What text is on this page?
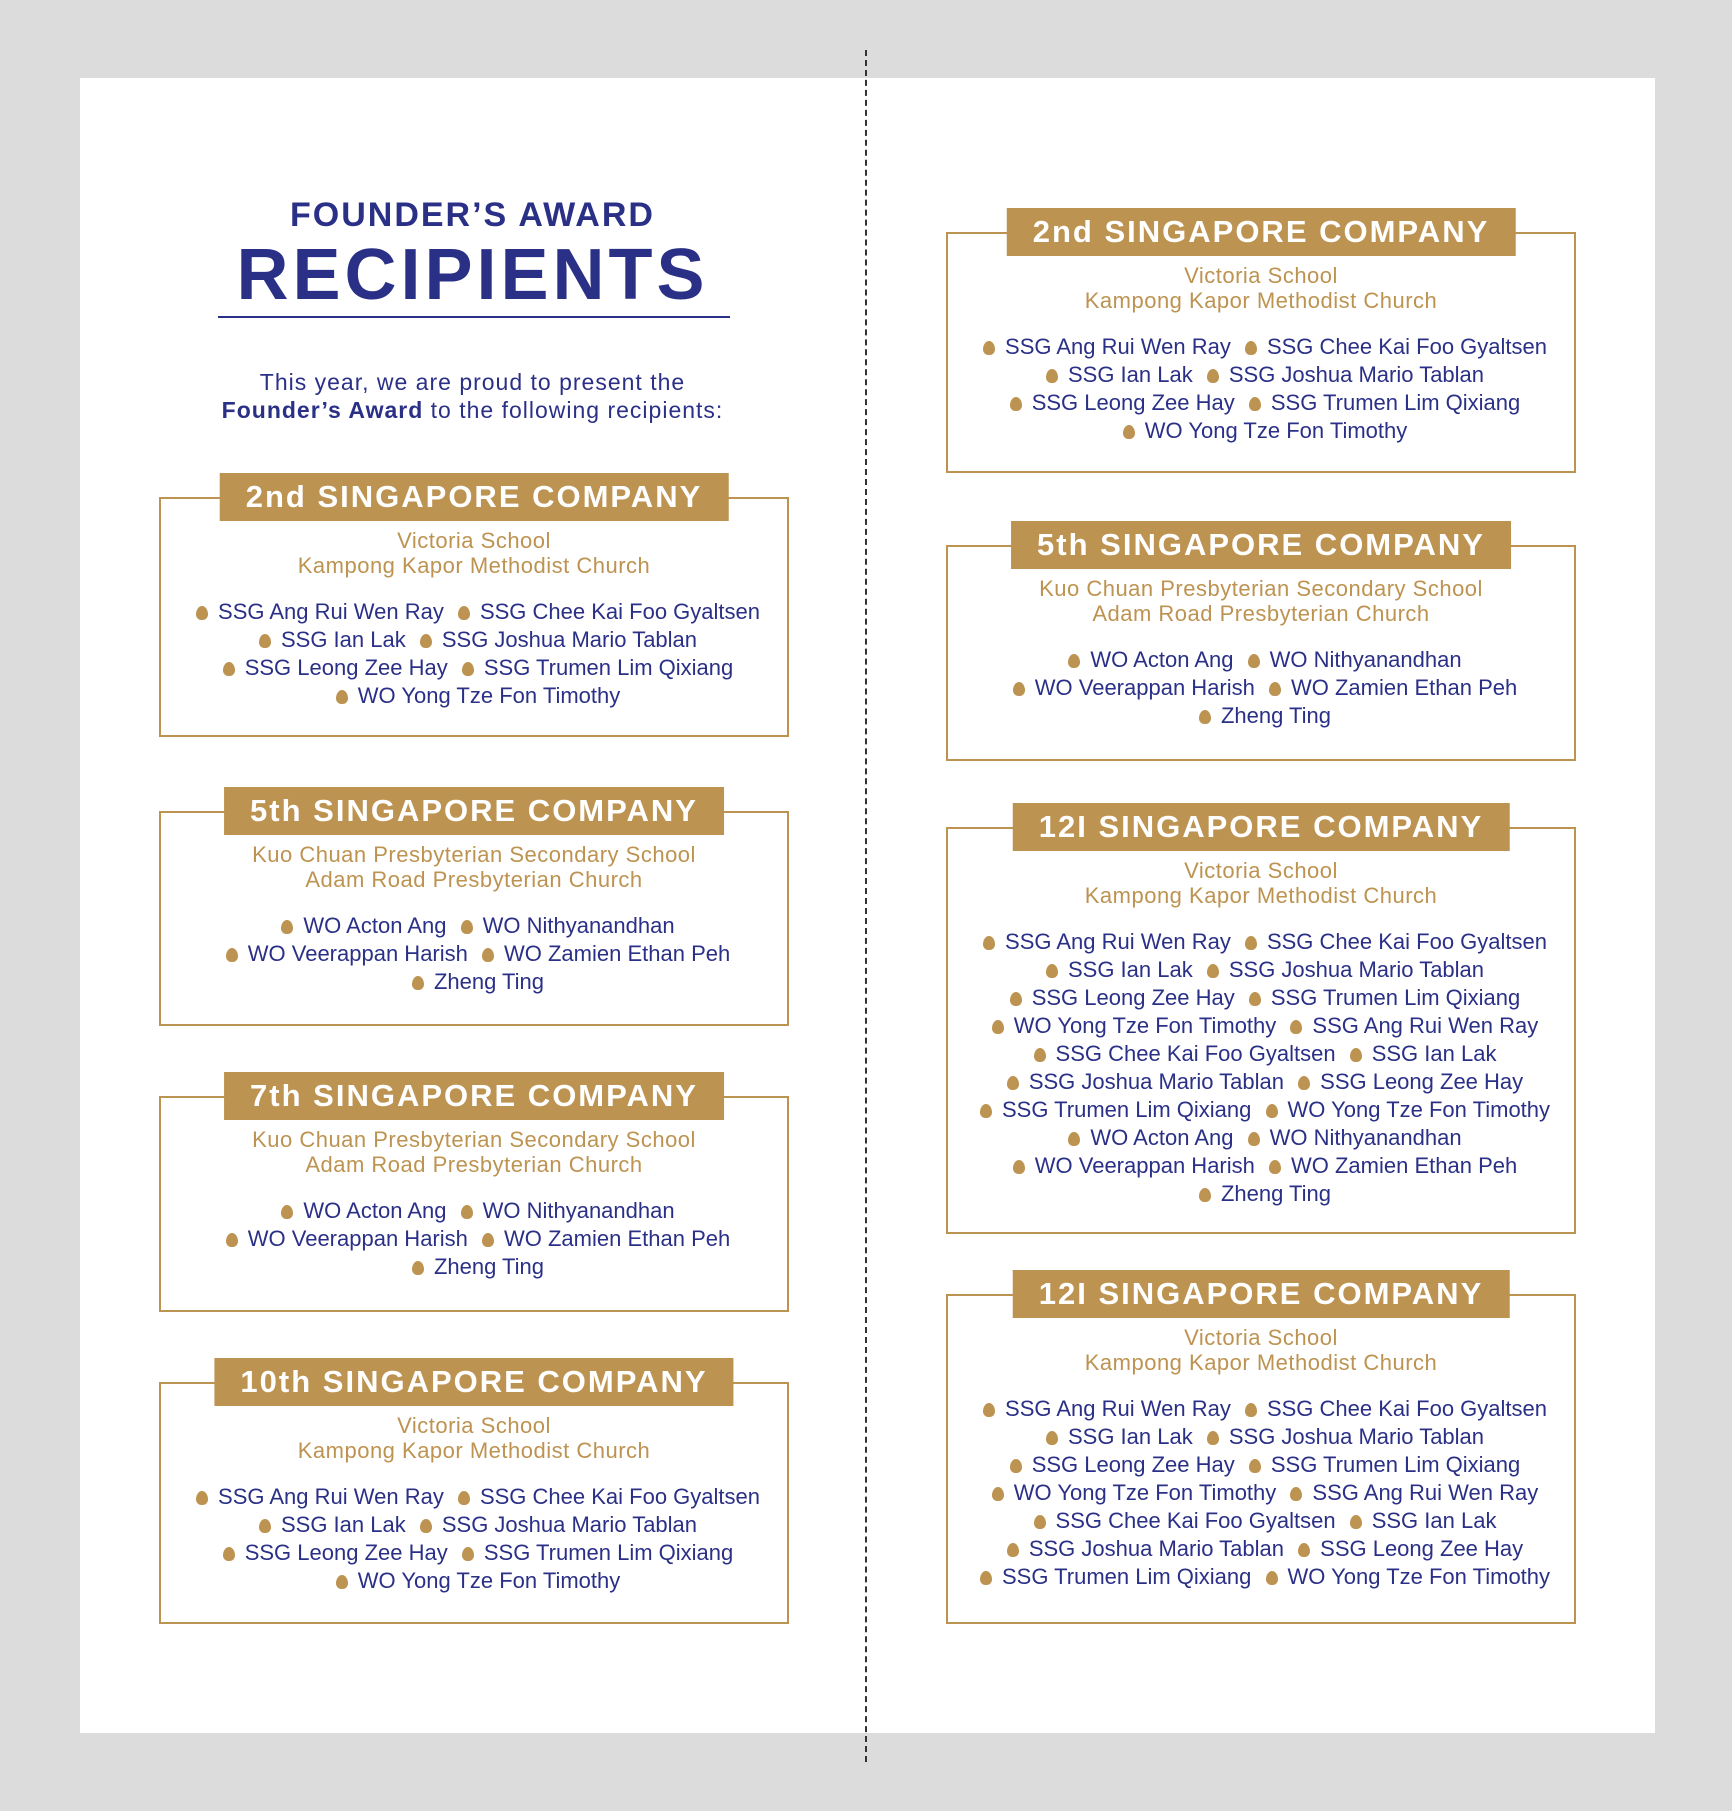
FOUNDER’S AWARD
RECIPIENTS
This year, we are proud to present the
Founder’s Award to the following recipients:
2nd SINGAPORE COMPANY
Victoria School
Kampong Kapor Methodist Church
SSG Ang Rui Wen Ray SSG Chee Kai Foo Gyaltsen SSG Ian Lak SSG Joshua Mario Tablan SSG Leong Zee Hay SSG Trumen Lim Qixiang WO Yong Tze Fon Timothy
5th SINGAPORE COMPANY
Kuo Chuan Presbyterian Secondary School
Adam Road Presbyterian Church
WO Acton Ang WO Nithyanandhan WO Veerappan Harish WO Zamien Ethan Peh Zheng Ting
7th SINGAPORE COMPANY
Kuo Chuan Presbyterian Secondary School
Adam Road Presbyterian Church
WO Acton Ang WO Nithyanandhan WO Veerappan Harish WO Zamien Ethan Peh Zheng Ting
10th SINGAPORE COMPANY
Victoria School
Kampong Kapor Methodist Church
SSG Ang Rui Wen Ray SSG Chee Kai Foo Gyaltsen SSG Ian Lak SSG Joshua Mario Tablan SSG Leong Zee Hay SSG Trumen Lim Qixiang WO Yong Tze Fon Timothy
2nd SINGAPORE COMPANY
Victoria School
Kampong Kapor Methodist Church
SSG Ang Rui Wen Ray SSG Chee Kai Foo Gyaltsen SSG Ian Lak SSG Joshua Mario Tablan SSG Leong Zee Hay SSG Trumen Lim Qixiang WO Yong Tze Fon Timothy
5th SINGAPORE COMPANY
Kuo Chuan Presbyterian Secondary School
Adam Road Presbyterian Church
WO Acton Ang WO Nithyanandhan WO Veerappan Harish WO Zamien Ethan Peh Zheng Ting
12I SINGAPORE COMPANY
Victoria School
Kampong Kapor Methodist Church
SSG Ang Rui Wen Ray SSG Chee Kai Foo Gyaltsen SSG Ian Lak SSG Joshua Mario Tablan SSG Leong Zee Hay SSG Trumen Lim Qixiang WO Yong Tze Fon Timothy SSG Ang Rui Wen Ray SSG Chee Kai Foo Gyaltsen SSG Ian Lak SSG Joshua Mario Tablan SSG Leong Zee Hay SSG Trumen Lim Qixiang WO Yong Tze Fon Timothy WO Acton Ang WO Nithyanandhan WO Veerappan Harish WO Zamien Ethan Peh Zheng Ting
12I SINGAPORE COMPANY
Victoria School
Kampong Kapor Methodist Church
SSG Ang Rui Wen Ray SSG Chee Kai Foo Gyaltsen SSG Ian Lak SSG Joshua Mario Tablan SSG Leong Zee Hay SSG Trumen Lim Qixiang WO Yong Tze Fon Timothy SSG Ang Rui Wen Ray SSG Chee Kai Foo Gyaltsen SSG Ian Lak SSG Joshua Mario Tablan SSG Leong Zee Hay SSG Trumen Lim Qixiang WO Yong Tze Fon Timothy
